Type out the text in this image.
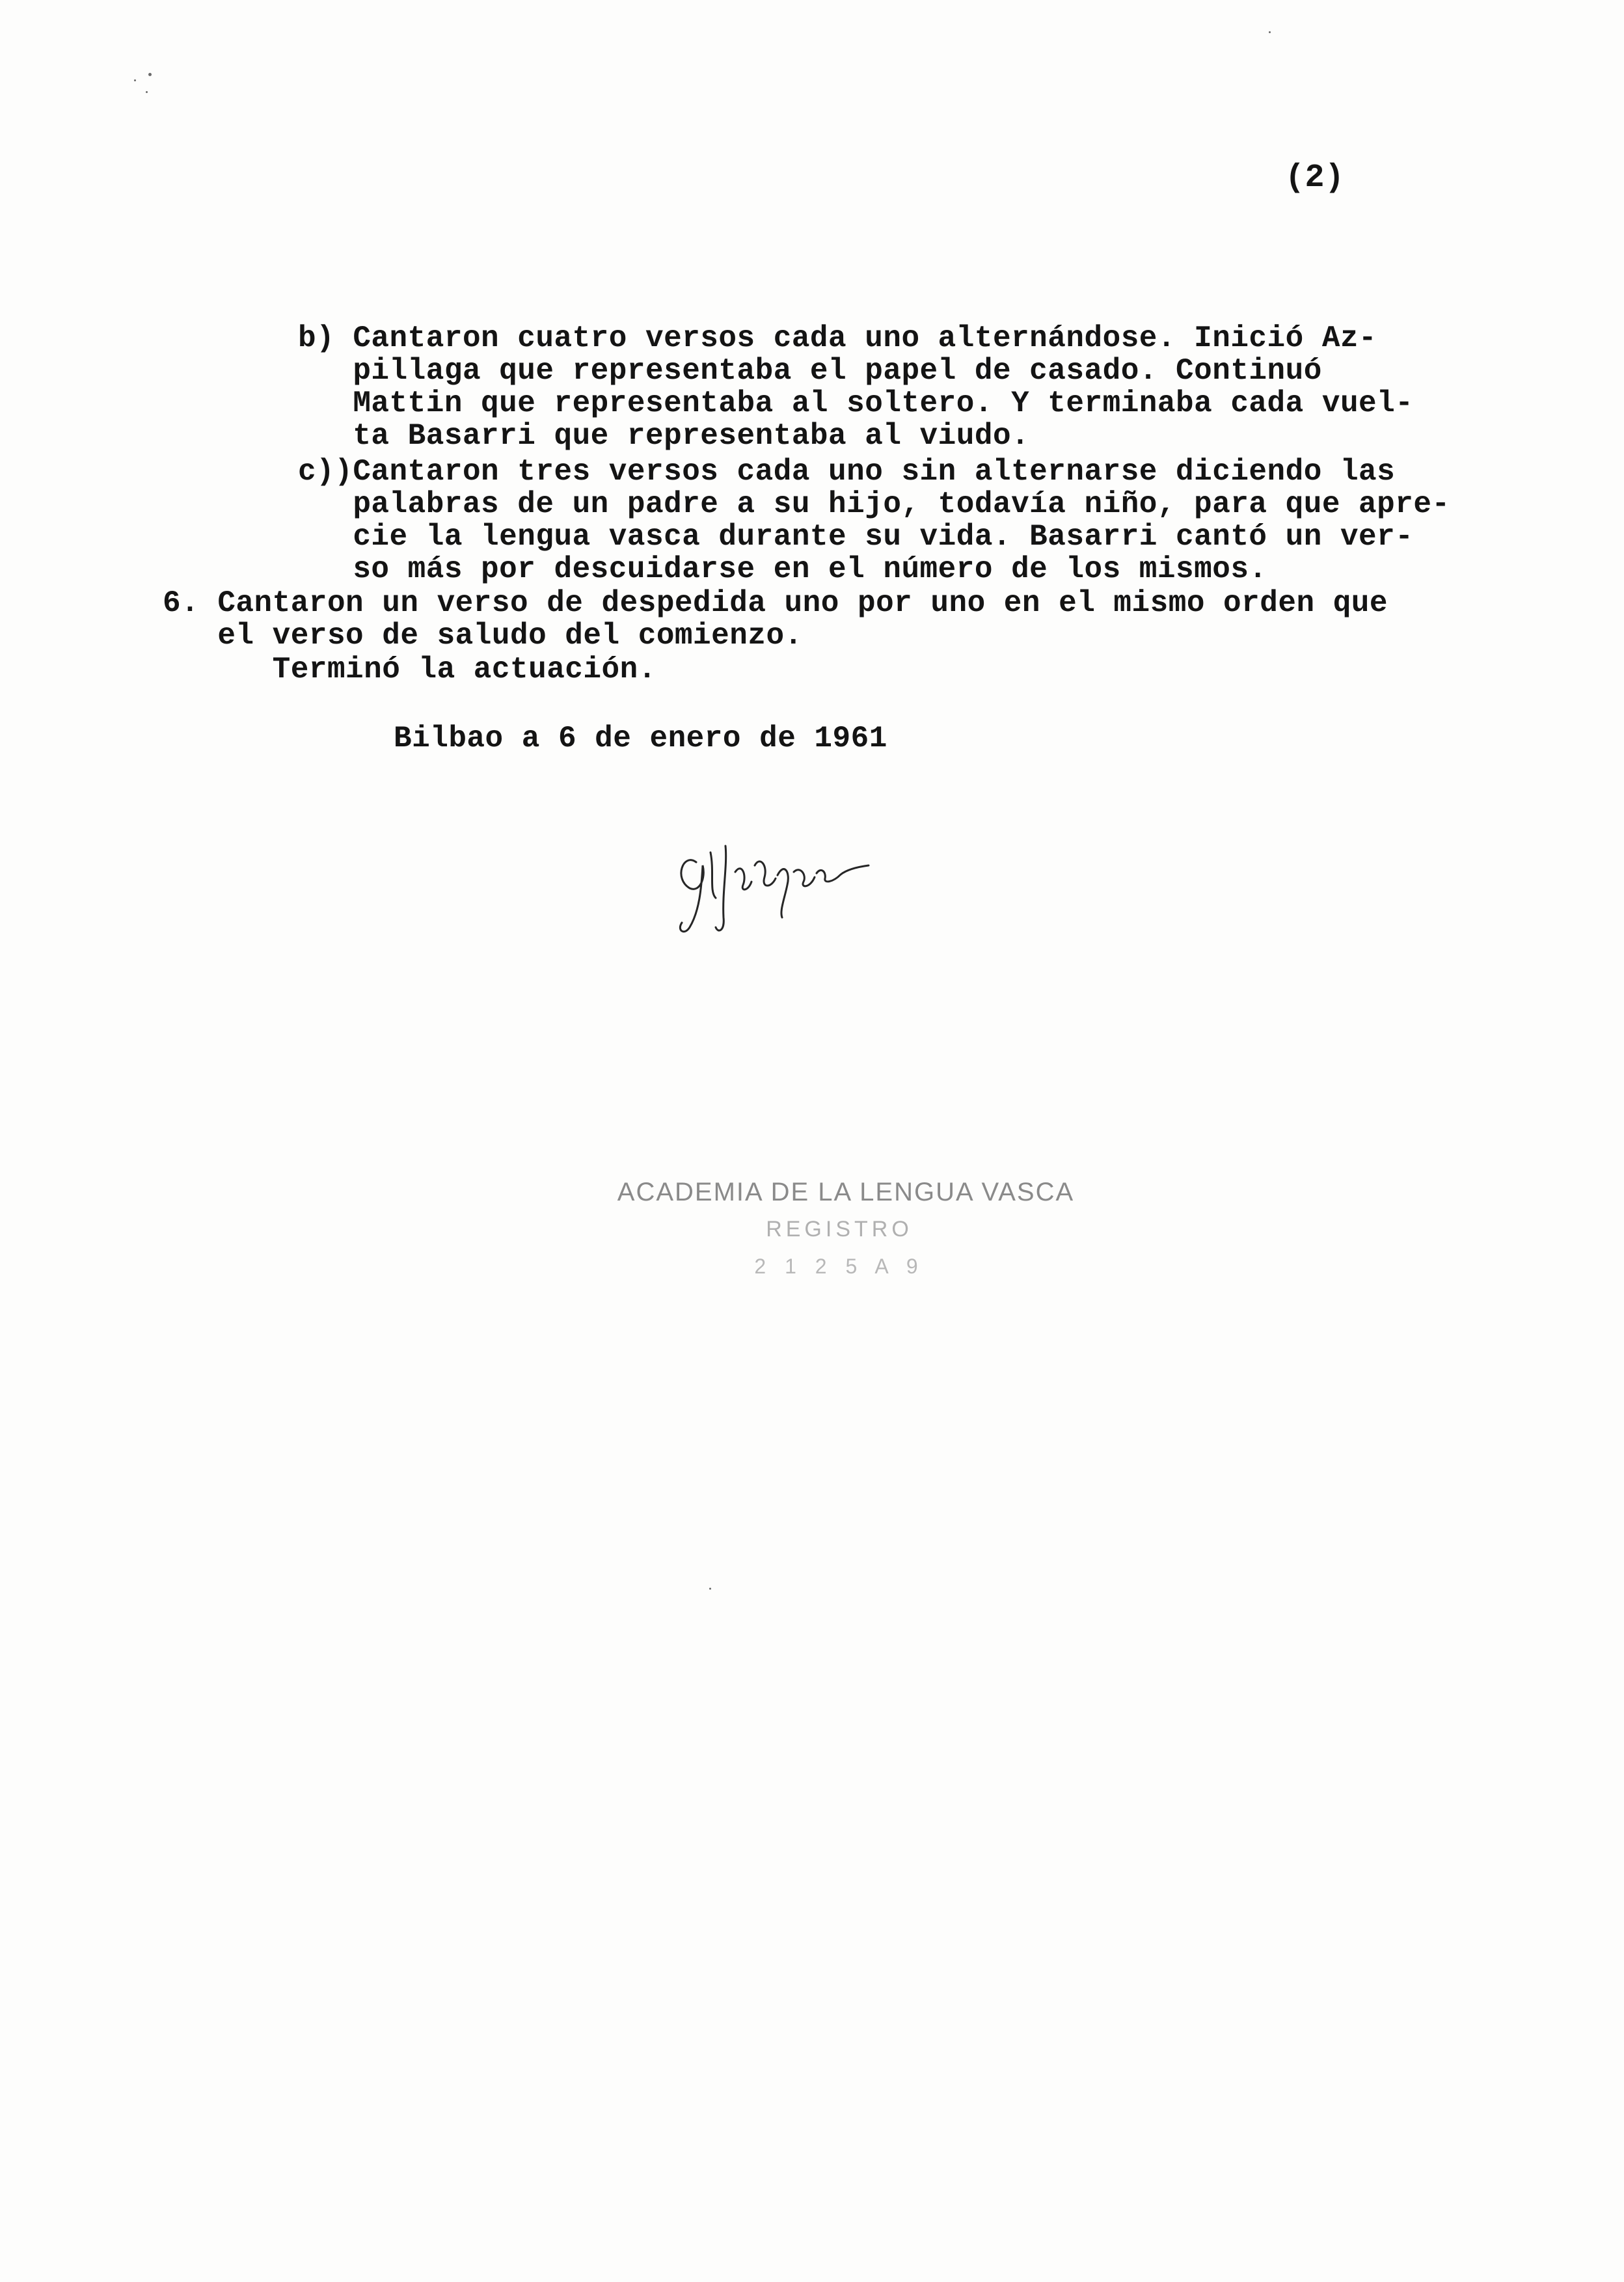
(2)
b) Cantaron cuatro versos cada uno alternándose. Inició Az-
pillaga que representaba el papel de casado. Continuó
Mattin que representaba al soltero. Y terminaba cada vuel-
ta Basarri que representaba al viudo.
c))Cantaron tres versos cada uno sin alternarse diciendo las
palabras de un padre a su hijo, todavía niño, para que apre-
cie la lengua vasca durante su vida. Basarri cantó un ver-
so más por descuidarse en el número de los mismos.
6. Cantaron un verso de despedida uno por uno en el mismo orden que
el verso de saludo del comienzo.
Terminó la actuación.
Bilbao a 6 de enero de 1961
ACADEMIA DE LA LENGUA VASCA
REGISTRO
2 1 2 5 A 9
